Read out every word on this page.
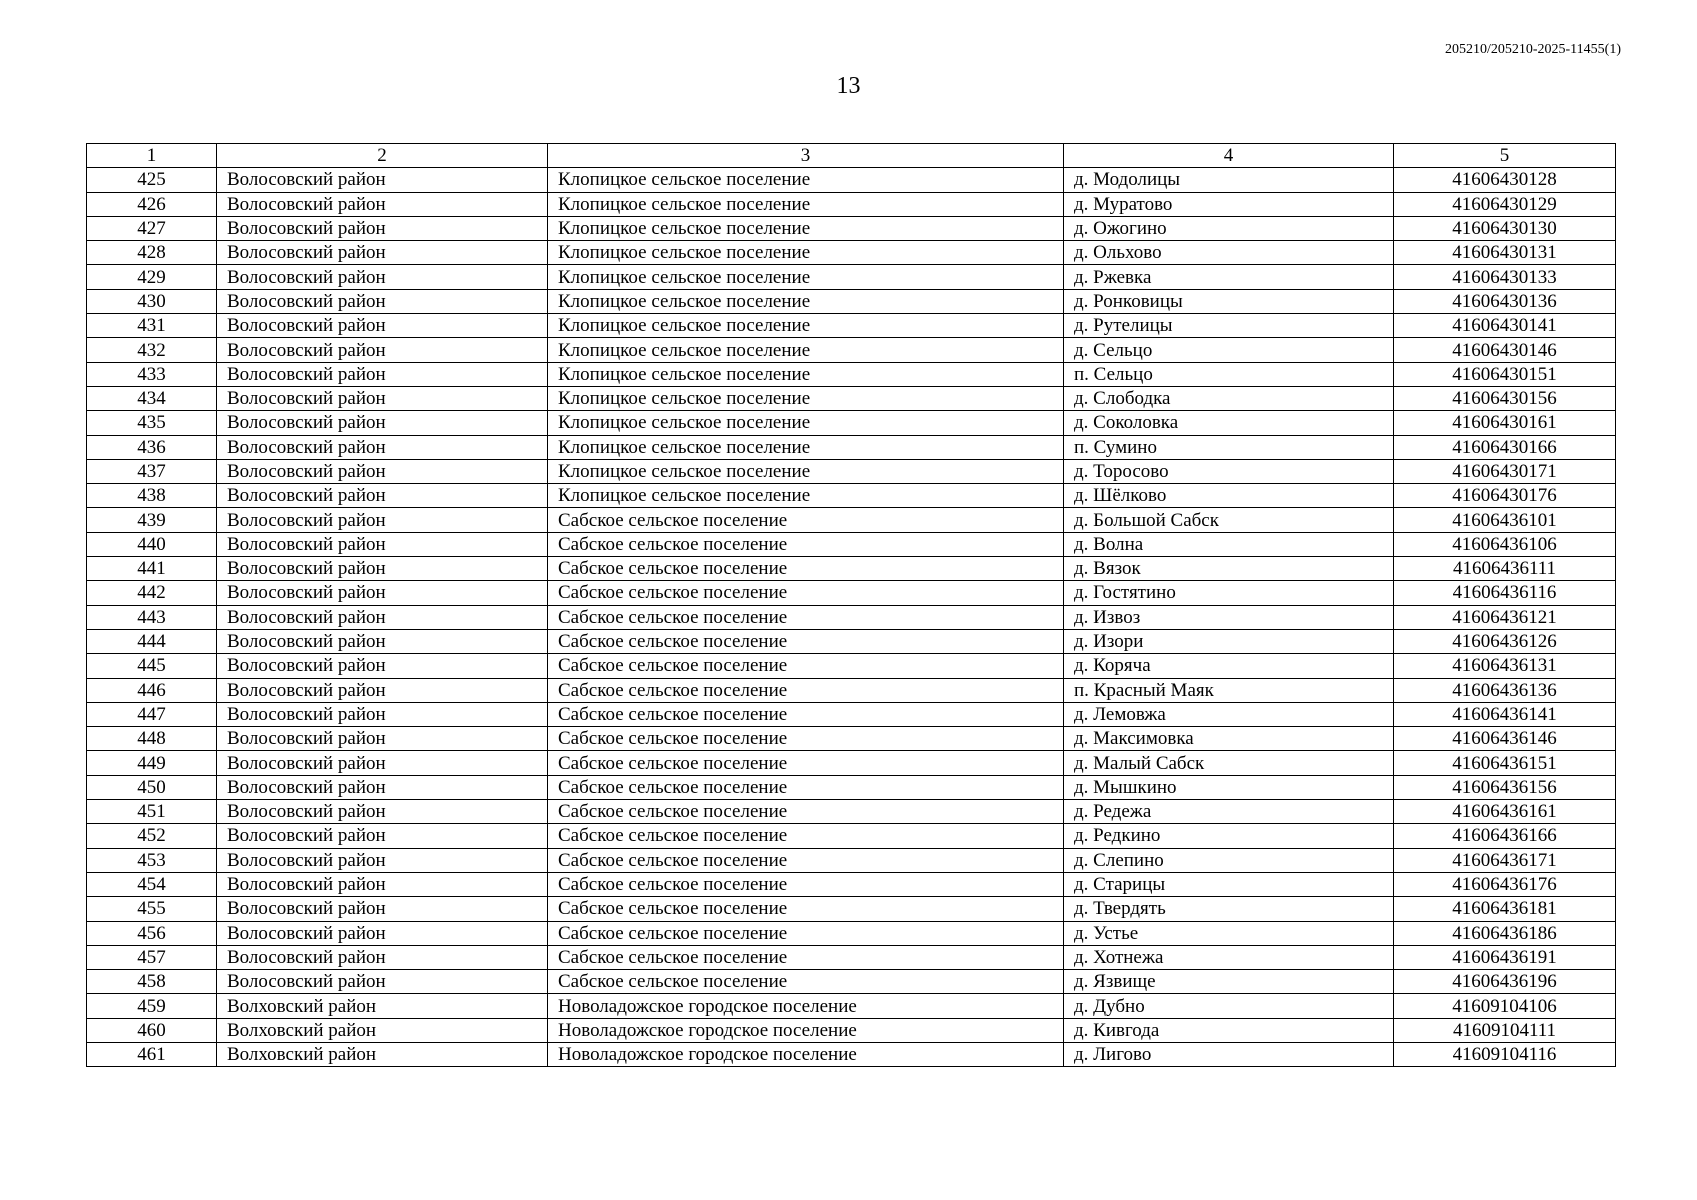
205210/205210-2025-11455(1)
13
1	2	3	4	5
425	Волосовский район	Клопицкое сельское поселение	д. Модолицы	41606430128
426	Волосовский район	Клопицкое сельское поселение	д. Муратово	41606430129
427	Волосовский район	Клопицкое сельское поселение	д. Ожогино	41606430130
428	Волосовский район	Клопицкое сельское поселение	д. Ольхово	41606430131
429	Волосовский район	Клопицкое сельское поселение	д. Ржевка	41606430133
430	Волосовский район	Клопицкое сельское поселение	д. Ронковицы	41606430136
431	Волосовский район	Клопицкое сельское поселение	д. Рутелицы	41606430141
432	Волосовский район	Клопицкое сельское поселение	д. Сельцо	41606430146
433	Волосовский район	Клопицкое сельское поселение	п. Сельцо	41606430151
434	Волосовский район	Клопицкое сельское поселение	д. Слободка	41606430156
435	Волосовский район	Клопицкое сельское поселение	д. Соколовка	41606430161
436	Волосовский район	Клопицкое сельское поселение	п. Сумино	41606430166
437	Волосовский район	Клопицкое сельское поселение	д. Торосово	41606430171
438	Волосовский район	Клопицкое сельское поселение	д. Шёлково	41606430176
439	Волосовский район	Сабское сельское поселение	д. Большой Сабск	41606436101
440	Волосовский район	Сабское сельское поселение	д. Волна	41606436106
441	Волосовский район	Сабское сельское поселение	д. Вязок	41606436111
442	Волосовский район	Сабское сельское поселение	д. Гостятино	41606436116
443	Волосовский район	Сабское сельское поселение	д. Извоз	41606436121
444	Волосовский район	Сабское сельское поселение	д. Изори	41606436126
445	Волосовский район	Сабское сельское поселение	д. Коряча	41606436131
446	Волосовский район	Сабское сельское поселение	п. Красный Маяк	41606436136
447	Волосовский район	Сабское сельское поселение	д. Лемовжа	41606436141
448	Волосовский район	Сабское сельское поселение	д. Максимовка	41606436146
449	Волосовский район	Сабское сельское поселение	д. Малый Сабск	41606436151
450	Волосовский район	Сабское сельское поселение	д. Мышкино	41606436156
451	Волосовский район	Сабское сельское поселение	д. Редежа	41606436161
452	Волосовский район	Сабское сельское поселение	д. Редкино	41606436166
453	Волосовский район	Сабское сельское поселение	д. Слепино	41606436171
454	Волосовский район	Сабское сельское поселение	д. Старицы	41606436176
455	Волосовский район	Сабское сельское поселение	д. Твердять	41606436181
456	Волосовский район	Сабское сельское поселение	д. Устье	41606436186
457	Волосовский район	Сабское сельское поселение	д. Хотнежа	41606436191
458	Волосовский район	Сабское сельское поселение	д. Язвище	41606436196
459	Волховский район	Новоладожское городское поселение	д. Дубно	41609104106
460	Волховский район	Новоладожское городское поселение	д. Кивгода	41609104111
461	Волховский район	Новоладожское городское поселение	д. Лигово	41609104116
